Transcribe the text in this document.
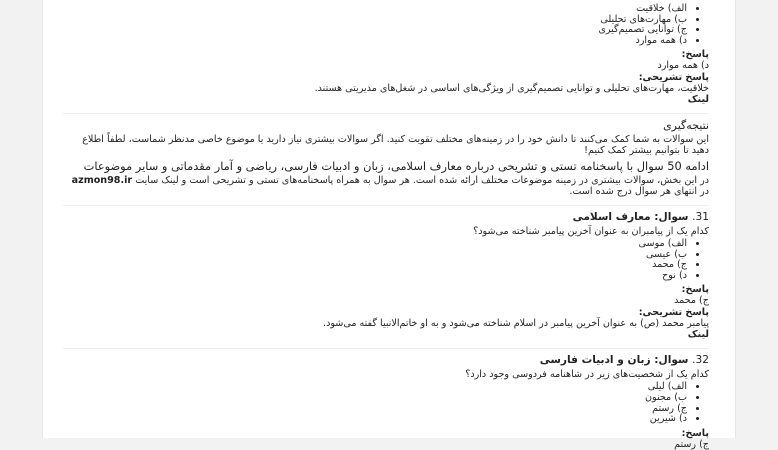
• الف) خلاقیت
• ب) مهارت‌های تحلیلی
• ج) توانایی تصمیم‌گیری
• د) همه موارد
پاسخ:
د) همه موارد
پاسخ تشریحی:
خلاقیت، مهارت‌های تحلیلی و توانایی تصمیم‌گیری از ویژگی‌های اساسی در شغل‌های مدیریتی هستند.
لینک
نتیجه‌گیری
این سوالات به شما کمک می‌کنند تا دانش خود را در زمینه‌های مختلف تقویت کنید. اگر سوالات بیشتری نیاز دارید یا موضوع خاصی مدنظر شماست، لطفاً اطلاع دهید تا بتوانیم بیشتر کمک کنیم!
ادامه 50 سوال با پاسخنامه تستی و تشریحی درباره معارف اسلامی، زبان و ادبیات فارسی، ریاضی و آمار مقدماتی و سایر موضوعات
در این بخش، سوالات بیشتری در زمینه موضوعات مختلف ارائه شده است. هر سوال به همراه پاسخنامه‌های تستی و تشریحی است و لینک سایت azmon98.ir در انتهای هر سوال درج شده است.
31. سوال: معارف اسلامی
کدام یک از پیامبران به عنوان آخرین پیامبر شناخته می‌شود؟
• الف) موسی
• ب) عیسی
• ج) محمد
• د) نوح
پاسخ:
ج) محمد
پاسخ تشریحی:
پیامبر محمد (ص) به عنوان آخرین پیامبر در اسلام شناخته می‌شود و به او خاتم‌الانبیا گفته می‌شود.
لینک
32. سوال: زبان و ادبیات فارسی
کدام یک از شخصیت‌های زیر در شاهنامه فردوسی وجود دارد؟
• الف) لیلی
• ب) مجنون
• ج) رستم
• د) شیرین
پاسخ:
ج) رستم
